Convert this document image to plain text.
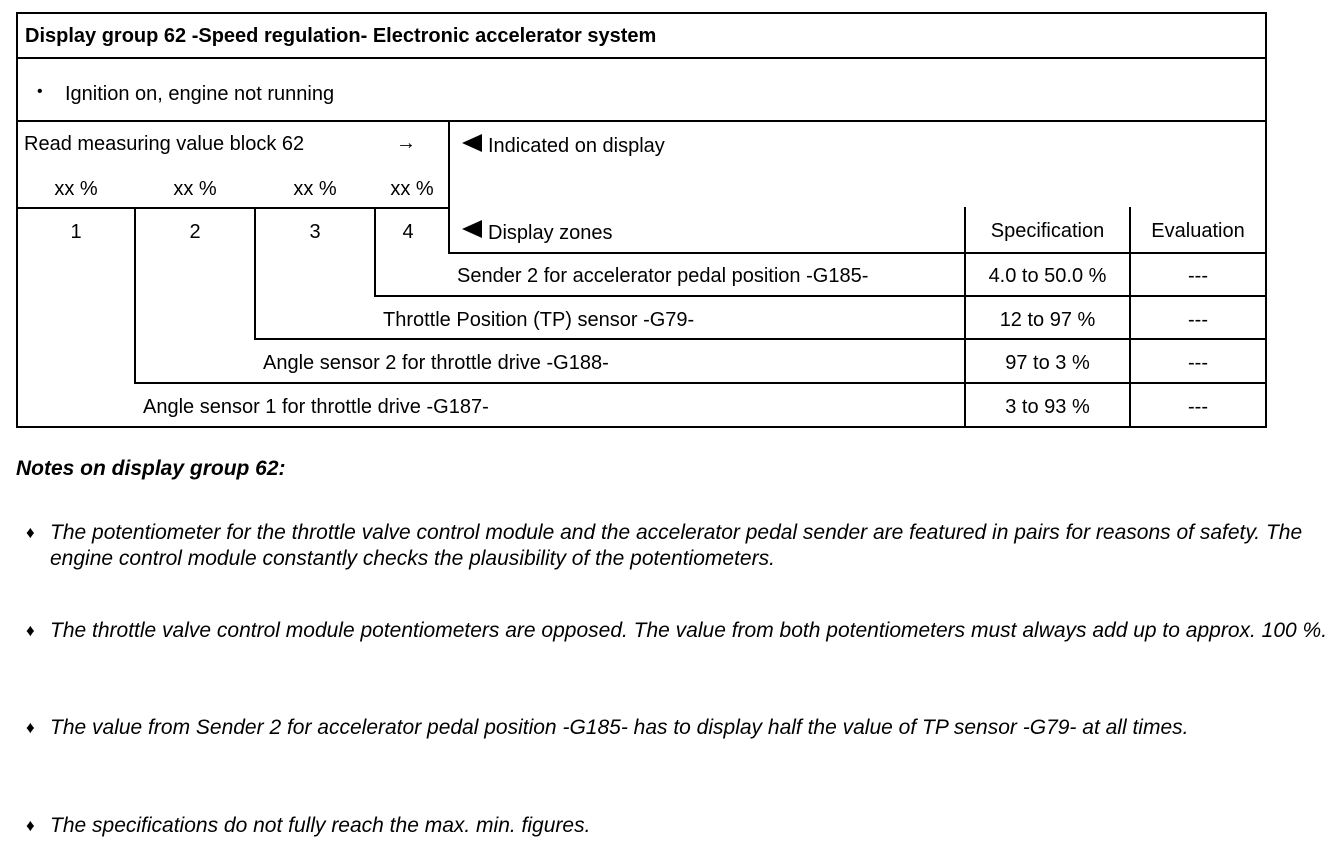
Display group 62 -Speed regulation- Electronic accelerator system
• Ignition on, engine not running
Read measuring value block 62	→
xx %	xx %	xx %	xx %
1	2	3	4
Indicated on display
Display zones	Specification	Evaluation
Sender 2 for accelerator pedal position -G185-	4.0 to 50.0 %	---
Throttle Position (TP) sensor -G79-	12 to 97 %	---
Angle sensor 2 for throttle drive -G188-	97 to 3 %	---
Angle sensor 1 for throttle drive -G187-	3 to 93 %	---
Notes on display group 62:
♦ The potentiometer for the throttle valve control module and the accelerator pedal sender are featured in pairs for reasons of safety. The engine control module constantly checks the plausibility of the potentiometers.
♦ The throttle valve control module potentiometers are opposed. The value from both potentiometers must always add up to approx. 100 %.
♦ The value from Sender 2 for accelerator pedal position -G185- has to display half the value of TP sensor -G79- at all times.
♦ The specifications do not fully reach the max. min. figures.
